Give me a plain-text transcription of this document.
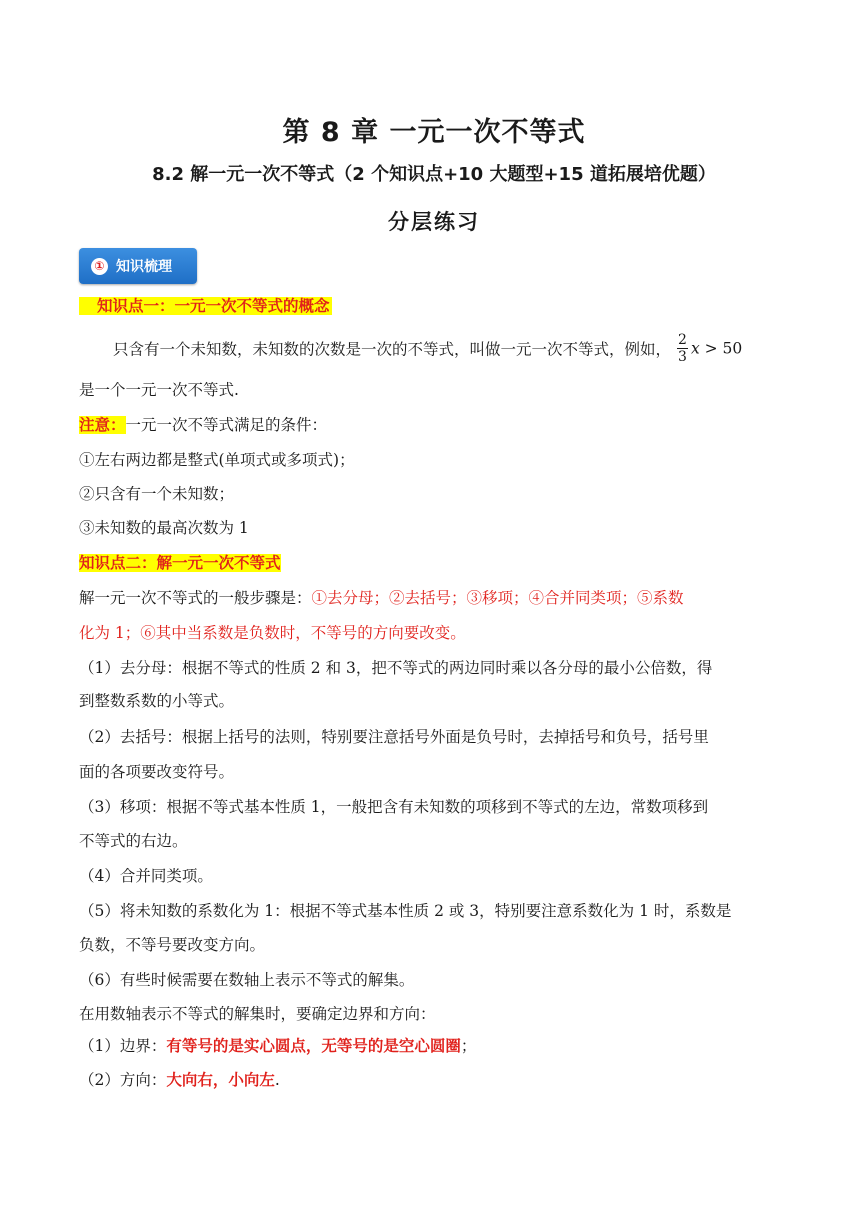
第 8 章 一元一次不等式
8.2 解一元一次不等式（2 个知识点+10 大题型+15 道拓展培优题）
分层练习
① 知识梳理
知识点一：一元一次不等式的概念
只含有一个未知数，未知数的次数是一次的不等式，叫做一元一次不等式，例如， $\frac{2}{3}$ x > 50
是一个一元一次不等式.
注意：一元一次不等式满足的条件：
①左右两边都是整式(单项式或多项式)；
②只含有一个未知数；
③未知数的最高次数为 1
知识点二：解一元一次不等式
解一元一次不等式的一般步骤是：①去分母；②去括号；③移项；④合并同类项；⑤系数
化为 1；⑥其中当系数是负数时，不等号的方向要改变。
（1）去分母：根据不等式的性质 2 和 3，把不等式的两边同时乘以各分母的最小公倍数，得
到整数系数的小等式。
（2）去括号：根据上括号的法则，特别要注意括号外面是负号时，去掉括号和负号，括号里
面的各项要改变符号。
（3）移项：根据不等式基本性质 1，一般把含有未知数的项移到不等式的左边，常数项移到
不等式的右边。
（4）合并同类项。
（5）将未知数的系数化为 1：根据不等式基本性质 2 或 3，特别要注意系数化为 1 时，系数是
负数，不等号要改变方向。
（6）有些时候需要在数轴上表示不等式的解集。
在用数轴表示不等式的解集时，要确定边界和方向：
（1）边界：有等号的是实心圆点，无等号的是空心圆圈；
（2）方向：大向右，小向左.
